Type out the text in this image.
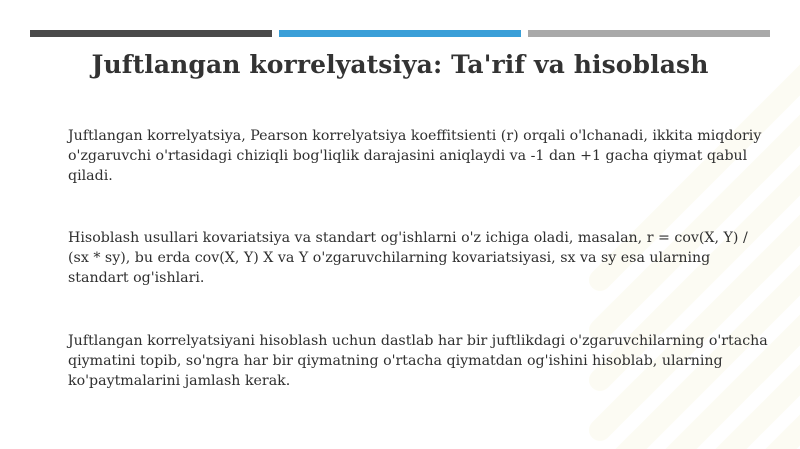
Juftlangan korrelyatsiya: Ta'rif va hisoblash
Juftlangan korrelyatsiya, Pearson korrelyatsiya koeffitsienti (r) orqali o'lchanadi, ikkita miqdoriy o'zgaruvchi o'rtasidagi chiziqli bog'liqlik darajasini aniqlaydi va -1 dan +1 gacha qiymat qabul qiladi.
Hisoblash usullari kovariatsiya va standart og'ishlarni o'z ichiga oladi, masalan, r = cov(X, Y) / (sx * sy), bu erda cov(X, Y) X va Y o'zgaruvchilarning kovariatsiyasi, sx va sy esa ularning standart og'ishlari.
Juftlangan korrelyatsiyani hisoblash uchun dastlab har bir juftlikdagi o'zgaruvchilarning o'rtacha qiymatini topib, so'ngra har bir qiymatning o'rtacha qiymatdan og'ishini hisoblab, ularning ko'paytmalarini jamlash kerak.
